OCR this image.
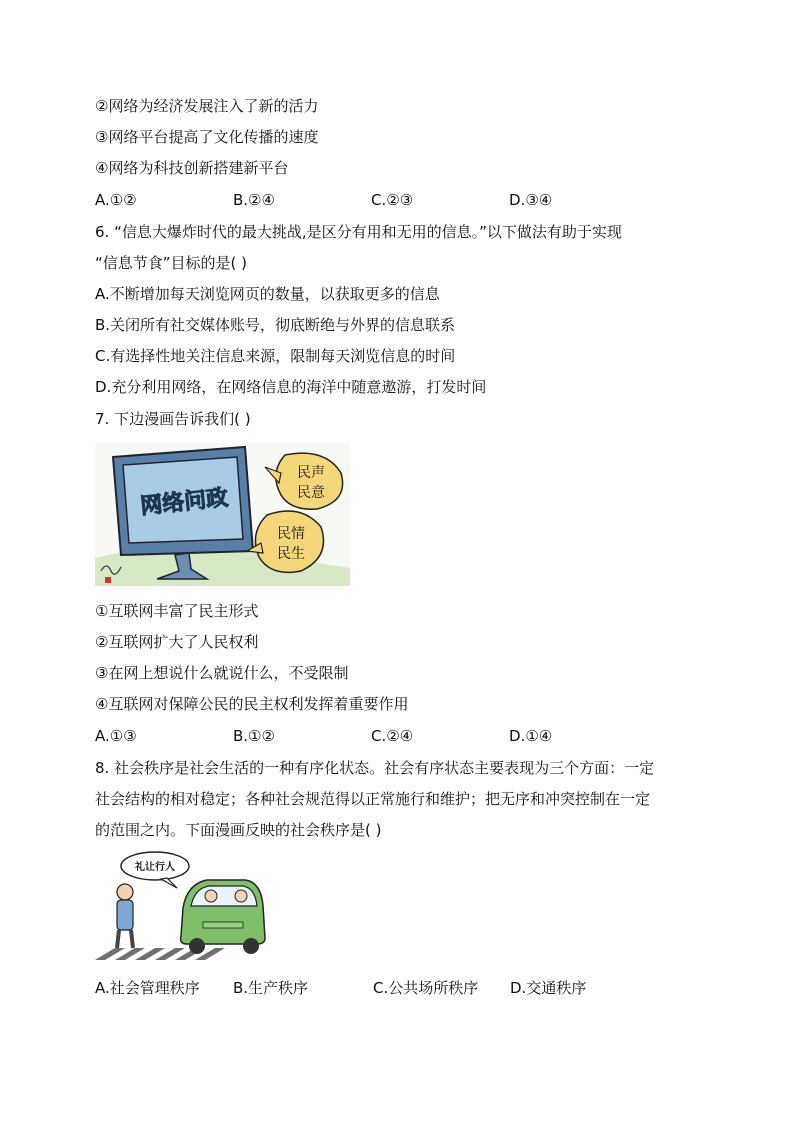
②网络为经济发展注入了新的活力
③网络平台提高了文化传播的速度
④网络为科技创新搭建新平台
A.①②	B.②④	C.②③	D.③④
6. “信息大爆炸时代的最大挑战,是区分有用和无用的信息。”以下做法有助于实现
“信息节食”目标的是( )
A.不断增加每天浏览网页的数量，以获取更多的信息
B.关闭所有社交媒体账号，彻底断绝与外界的信息联系
C.有选择性地关注信息来源，限制每天浏览信息的时间
D.充分利用网络，在网络信息的海洋中随意遨游，打发时间
7. 下边漫画告诉我们( )
网络问政
民声
民意
民情
民生
①互联网丰富了民主形式
②互联网扩大了人民权利
③在网上想说什么就说什么，不受限制
④互联网对保障公民的民主权利发挥着重要作用
A.①③	B.①②	C.②④	D.①④
8. 社会秩序是社会生活的一种有序化状态。社会有序状态主要表现为三个方面：一定
社会结构的相对稳定；各种社会规范得以正常施行和维护；把无序和冲突控制在一定
的范围之内。下面漫画反映的社会秩序是( )
礼让行人
A.社会管理秩序 B.生产秩序	C.公共场所秩序 D.交通秩序
